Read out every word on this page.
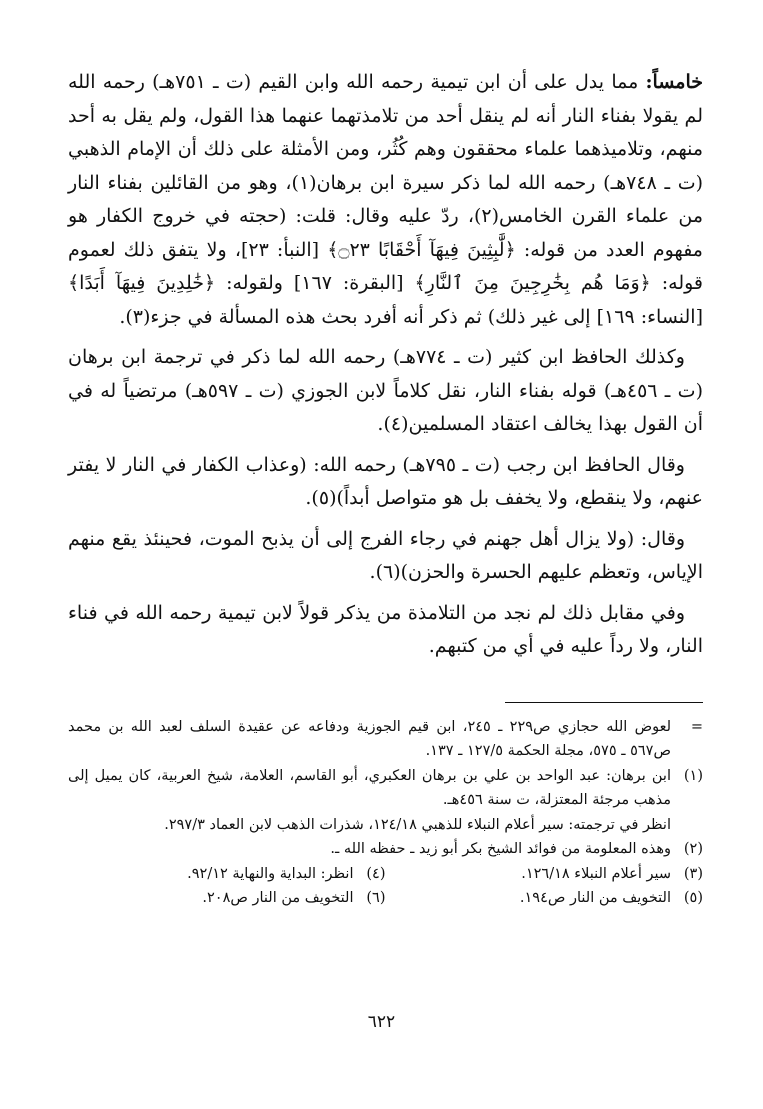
خامساً: مما يدل على أن ابن تيمية رحمه الله وابن القيم (ت ـ ٧٥١هـ) رحمه الله لم يقولا بفناء النار أنه لم ينقل أحد من تلامذتهما عنهما هذا القول، ولم يقل به أحد منهم، وتلاميذهما علماء محققون وهم كُثُر، ومن الأمثلة على ذلك أن الإمام الذهبي (ت ـ ٧٤٨هـ) رحمه الله لما ذكر سيرة ابن برهان(١)، وهو من القائلين بفناء النار من علماء القرن الخامس(٢)، ردّ عليه وقال: قلت: (حجته في خروج الكفار هو مفهوم العدد من قوله: ﴿لَّٰبِثِينَ فِيهَآ أَحْقَابًا ۝٢٣﴾ [النبأ: ٢٣]، ولا يتفق ذلك لعموم قوله: ﴿وَمَا هُم بِخَٰرِجِينَ مِنَ ٱلنَّارِ﴾ [البقرة: ١٦٧] ولقوله: ﴿خَٰلِدِينَ فِيهَآ أَبَدًا﴾ [النساء: ١٦٩] إلى غير ذلك) ثم ذكر أنه أفرد بحث هذه المسألة في جزء(٣).

وكذلك الحافظ ابن كثير (ت ـ ٧٧٤هـ) رحمه الله لما ذكر في ترجمة ابن برهان (ت ـ ٤٥٦هـ) قوله بفناء النار، نقل كلاماً لابن الجوزي (ت ـ ٥٩٧هـ) مرتضياً له في أن القول بهذا يخالف اعتقاد المسلمين(٤).

وقال الحافظ ابن رجب (ت ـ ٧٩٥هـ) رحمه الله: (وعذاب الكفار في النار لا يفتر عنهم، ولا ينقطع، ولا يخفف بل هو متواصل أبداً)(٥).

وقال: (ولا يزال أهل جهنم في رجاء الفرج إلى أن يذبح الموت، فحينئذ يقع منهم الإياس، وتعظم عليهم الحسرة والحزن)(٦).

وفي مقابل ذلك لم نجد من التلامذة من يذكر قولاً لابن تيمية رحمه الله في فناء النار، ولا رداً عليه في أي من كتبهم.

=
لعوض الله حجازي ص٢٢٩ ـ ٢٤٥، ابن قيم الجوزية ودفاعه عن عقيدة السلف لعبد الله بن محمد ص٥٦٧ ـ ٥٧٥، مجلة الحكمة ١٢٧/٥ ـ ١٣٧.
(١)
ابن برهان: عبد الواحد بن علي بن برهان العكبري، أبو القاسم، العلامة، شيخ العربية، كان يميل إلى مذهب مرجئة المعتزلة، ت سنة ٤٥٦هـ.
انظر في ترجمته: سير أعلام النبلاء للذهبي ١٢٤/١٨، شذرات الذهب لابن العماد ٢٩٧/٣.
(٢)
وهذه المعلومة من فوائد الشيخ بكر أبو زيد ـ حفظه الله ـ.
(٣)
سير أعلام النبلاء ١٢٦/١٨.
(٤)
انظر: البداية والنهاية ٩٢/١٢.
(٥)
التخويف من النار ص١٩٤.
(٦)
التخويف من النار ص٢٠٨.
٦٢٢
